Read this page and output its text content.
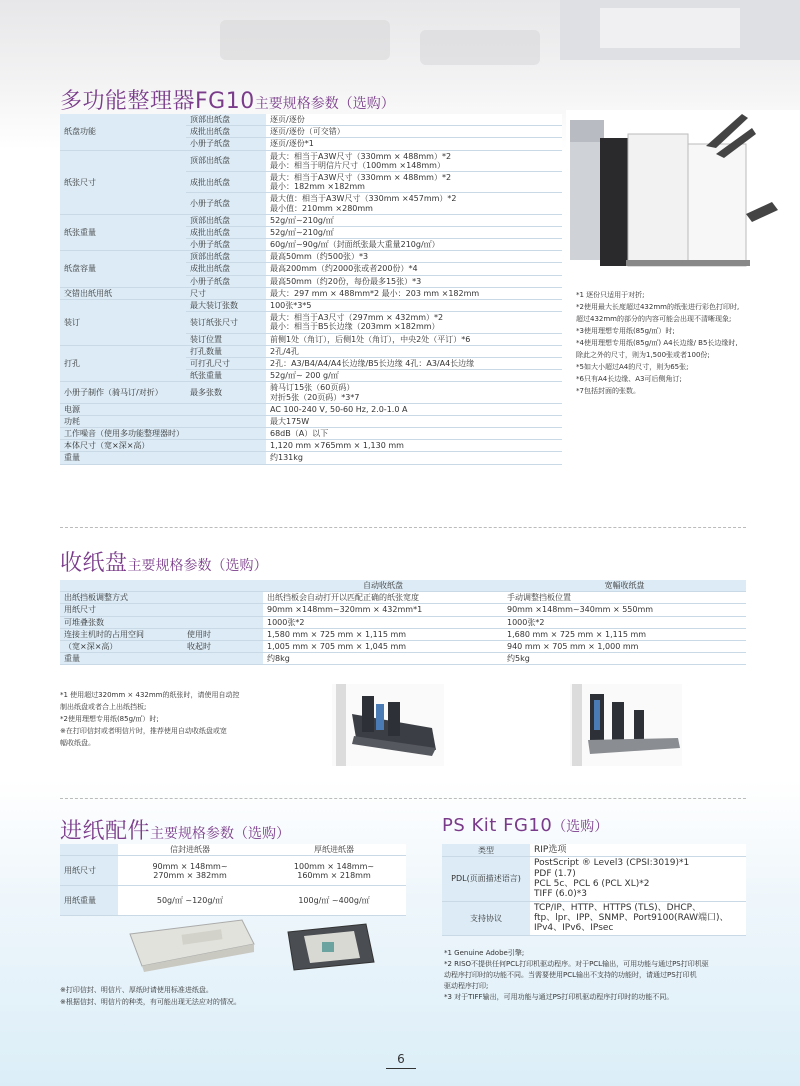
多功能整理器FG10主要规格参数（选购）
纸盘功能	顶部出纸盘	逐页/逐份

	成批出纸盘	逐页/逐份（可交错）

	小册子纸盘	逐页/逐份*1

纸张尺寸	顶部出纸盘	最大：相当于A3W尺寸（330mm × 488mm）*2
最小：相当于明信片尺寸（100mm ×148mm）

	成批出纸盘	最大：相当于A3W尺寸（330mm × 488mm）*2
最小：182mm ×182mm

	小册子纸盘	最大值：相当于A3W尺寸（330mm ×457mm）*2
最小值：210mm ×280mm

纸张重量	顶部出纸盘	52g/㎡~210g/㎡

	成批出纸盘	52g/㎡~210g/㎡

	小册子纸盘	60g/㎡~90g/㎡（封面纸张最大重量210g/㎡）

纸盘容量	顶部出纸盘	最高50mm（约500张）*3

	成批出纸盘	最高200mm（约2000张或者200份）*4

	小册子纸盘	最高50mm（约20份，每份最多15张）*3

交错出纸用纸	尺寸	最大：297 mm × 488mm*2 最小：203 mm ×182mm

装订	最大装订张数	100张*3*5

	装订纸张尺寸	最大：相当于A3尺寸（297mm × 432mm）*2
最小：相当于B5长边缘（203mm ×182mm）

	装订位置	前侧1处（角订），后侧1处（角订），中央2处（平订）*6

打孔	打孔数量	2孔/4孔

	可打孔尺寸	2孔：A3/B4/A4/A4长边缘/B5长边缘 4孔：A3/A4长边缘

	纸张重量	52g/㎡~ 200 g/㎡

小册子制作（骑马订/对折）	最多张数	骑马订15张（60页码）
对折5张（20页码）*3*7

电源		AC 100-240 V, 50-60 Hz, 2.0-1.0 A

功耗		最大175W

工作噪音（使用多功能整理器时）		68dB（A）以下

本体尺寸（宽×深×高）		1,120 mm ×765mm × 1,130 mm

重量		约131kg
*1 逐份只适用于对折;
*2使用最大长度超过432mm的纸张进行彩色打印时,
超过432mm的部分的内容可能会出现不清晰现象;
*3使用理想专用纸(85g/㎡）时;
*4使用理想专用纸(85g/㎡) A4长边缘/ B5长边缘时,
除此之外的尺寸，则为1,500张或者100份;
*5如大小超过A4的尺寸，则为65张;
*6只有A4长边缘、A3可后侧角订;
*7包括封面的张数。
收纸盘主要规格参数（选购）
		自动收纸盘	宽幅收纸盘
出纸挡板调整方式		出纸挡板会自动打开以匹配正确的纸张宽度	手动调整挡板位置
用纸尺寸		90mm ×148mm~320mm × 432mm*1	90mm ×148mm~340mm × 550mm
可堆叠张数		1000张*2	1000张*2
连接主机时的占用空间	使用时	1,580 mm × 725 mm × 1,115 mm	1,680 mm × 725 mm × 1,115 mm
（宽×深×高）	收起时	1,005 mm × 705 mm × 1,045 mm	940 mm × 705 mm × 1,000 mm
重量		约8kg	约5kg
*1 使用超过320mm × 432mm的纸张时，请使用自动控
制出纸盘或者合上出纸挡板;
*2使用理想专用纸(85g/㎡）时;
※在打印信封或者明信片时，推荐使用自动收纸盘或宽
幅收纸盘。
进纸配件主要规格参数（选购）
	信封进纸器	厚纸进纸器
用纸尺寸	90mm × 148mm~
270mm × 382mm	100mm × 148mm~
160mm × 218mm

用纸重量	50g/㎡ ~120g/㎡	100g/㎡ ~400g/㎡
※打印信封、明信片、厚纸时请使用标准进纸盘。
※根据信封、明信片的种类，有可能出现无法应对的情况。
PS Kit FG10（选购）
类型	RIP选项

PDL(页面描述语言)	PostScript ® Level3 (CPSI:3019)*1
PDF (1.7)
PCL 5c、PCL 6 (PCL XL)*2
TIFF (6.0)*3

支持协议	TCP/IP、HTTP、HTTPS (TLS)、DHCP、
ftp、lpr、IPP、SNMP、Port9100(RAW端口)、
IPv4、IPv6、IPsec
*1 Genuine Adobe引擎;
*2 RISO不提供任何PCL打印机驱动程序。对于PCL输出，可用功能与通过PS打印机驱
动程序打印时的功能不同。当需要使用PCL输出不支持的功能时，请通过PS打印机
驱动程序打印;
*3 对于TIFF输出，可用功能与通过PS打印机驱动程序打印时的功能不同。
6
